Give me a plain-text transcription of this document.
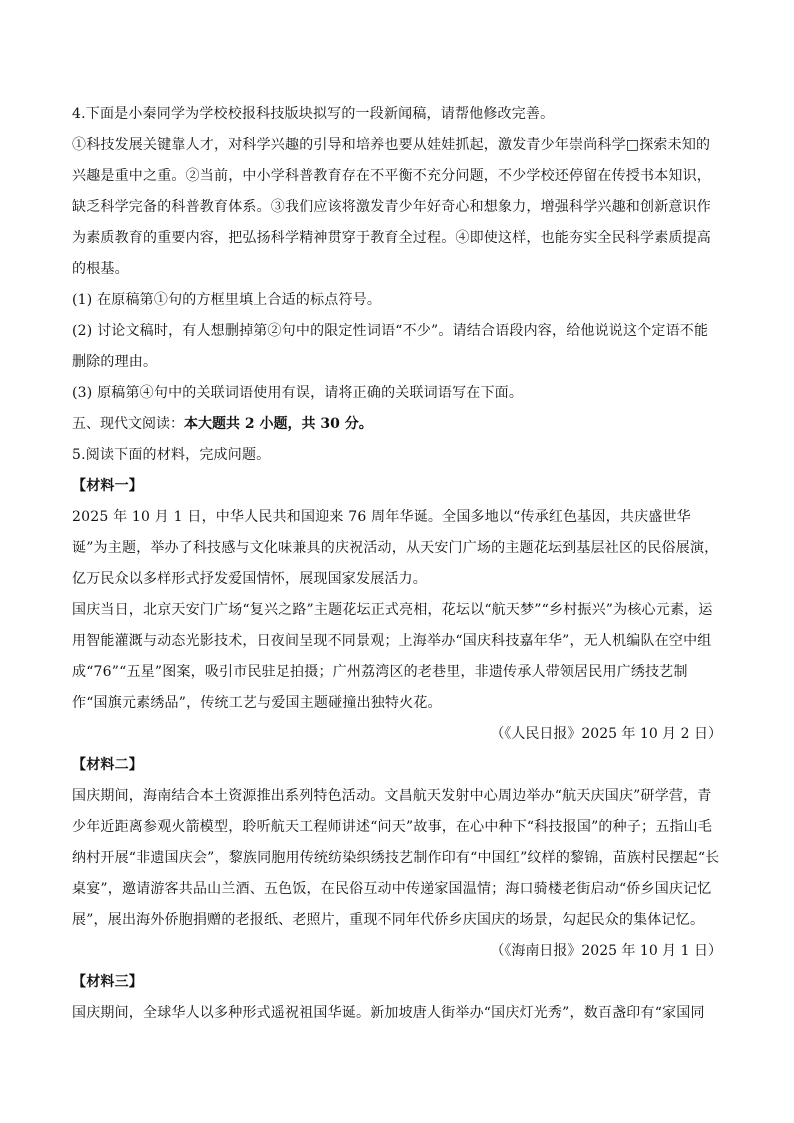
4.下面是小秦同学为学校校报科技版块拟写的一段新闻稿，请帮他修改完善。

①科技发展关键靠人才，对科学兴趣的引导和培养也要从娃娃抓起，激发青少年崇尚科学□探索未知的兴趣是重中之重。②当前，中小学科普教育存在不平衡不充分问题，不少学校还停留在传授书本知识，缺乏科学完备的科普教育体系。③我们应该将激发青少年好奇心和想象力，增强科学兴趣和创新意识作为素质教育的重要内容，把弘扬科学精神贯穿于教育全过程。④即使这样，也能夯实全民科学素质提高的根基。

(1) 在原稿第①句的方框里填上合适的标点符号。

(2) 讨论文稿时，有人想删掉第②句中的限定性词语“不少”。请结合语段内容，给他说说这个定语不能删除的理由。

(3) 原稿第④句中的关联词语使用有误，请将正确的关联词语写在下面。

五、现代文阅读：本大题共 2 小题，共 30 分。

5.阅读下面的材料，完成问题。

【材料一】

2025 年 10 月 1 日，中华人民共和国迎来 76 周年华诞。全国多地以“传承红色基因，共庆盛世华诞”为主题，举办了科技感与文化味兼具的庆祝活动，从天安门广场的主题花坛到基层社区的民俗展演，亿万民众以多样形式抒发爱国情怀，展现国家发展活力。

国庆当日，北京天安门广场“复兴之路”主题花坛正式亮相，花坛以“航天梦”“乡村振兴”为核心元素，运用智能灌溉与动态光影技术，日夜间呈现不同景观；上海举办“国庆科技嘉年华”，无人机编队在空中组成“76”“五星”图案，吸引市民驻足拍摄；广州荔湾区的老巷里，非遗传承人带领居民用广绣技艺制作“国旗元素绣品”，传统工艺与爱国主题碰撞出独特火花。

（《人民日报》2025 年 10 月 2 日）

【材料二】

国庆期间，海南结合本土资源推出系列特色活动。文昌航天发射中心周边举办“航天庆国庆”研学营，青少年近距离参观火箭模型，聆听航天工程师讲述“问天”故事，在心中种下“科技报国”的种子；五指山毛纳村开展“非遗国庆会”，黎族同胞用传统纺染织绣技艺制作印有“中国红”纹样的黎锦，苗族村民摆起“长桌宴”，邀请游客共品山兰酒、五色饭，在民俗互动中传递家国温情；海口骑楼老街启动“侨乡国庆记忆展”，展出海外侨胞捐赠的老报纸、老照片，重现不同年代侨乡庆国庆的场景，勾起民众的集体记忆。

（《海南日报》2025 年 10 月 1 日）

【材料三】

国庆期间，全球华人以多种形式遥祝祖国华诞。新加坡唐人街举办“国庆灯光秀”，数百盏印有“家国同
